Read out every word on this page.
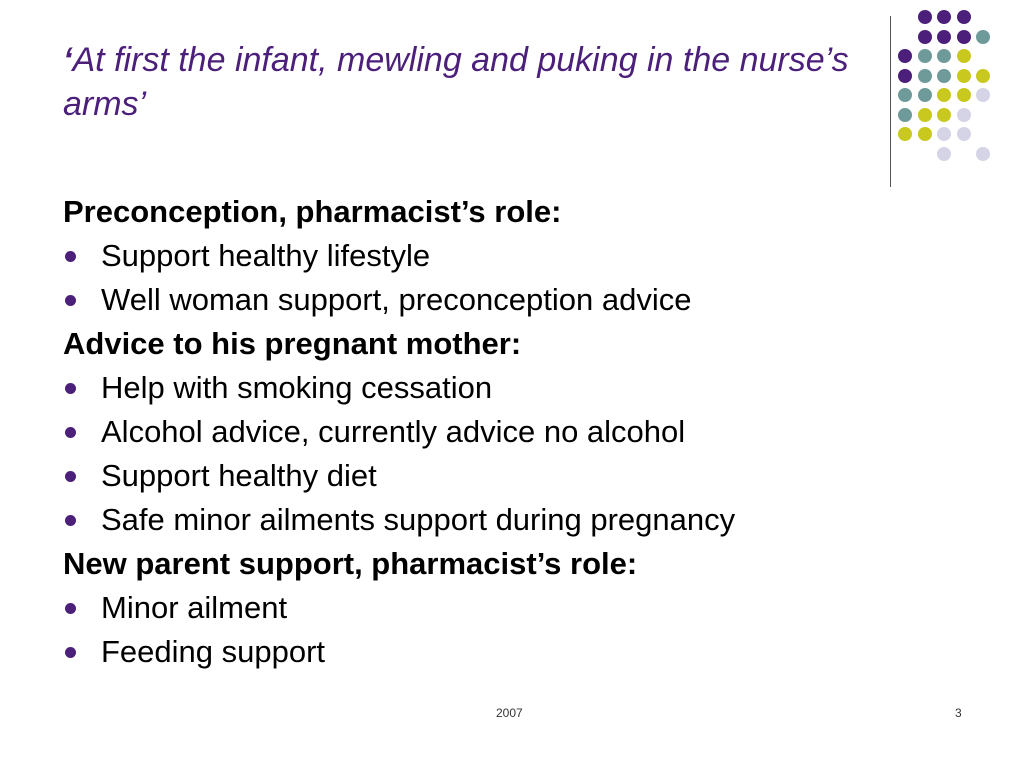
‘At first the infant, mewling and puking in the nurse’s arms’
Preconception, pharmacist’s role:
Support healthy lifestyle
Well woman support, preconception advice
Advice to his pregnant mother:
Help with smoking cessation
Alcohol advice, currently advice no alcohol
Support healthy diet
Safe minor ailments support during pregnancy
New parent support, pharmacist’s role:
Minor ailment
Feeding support
2007	3
